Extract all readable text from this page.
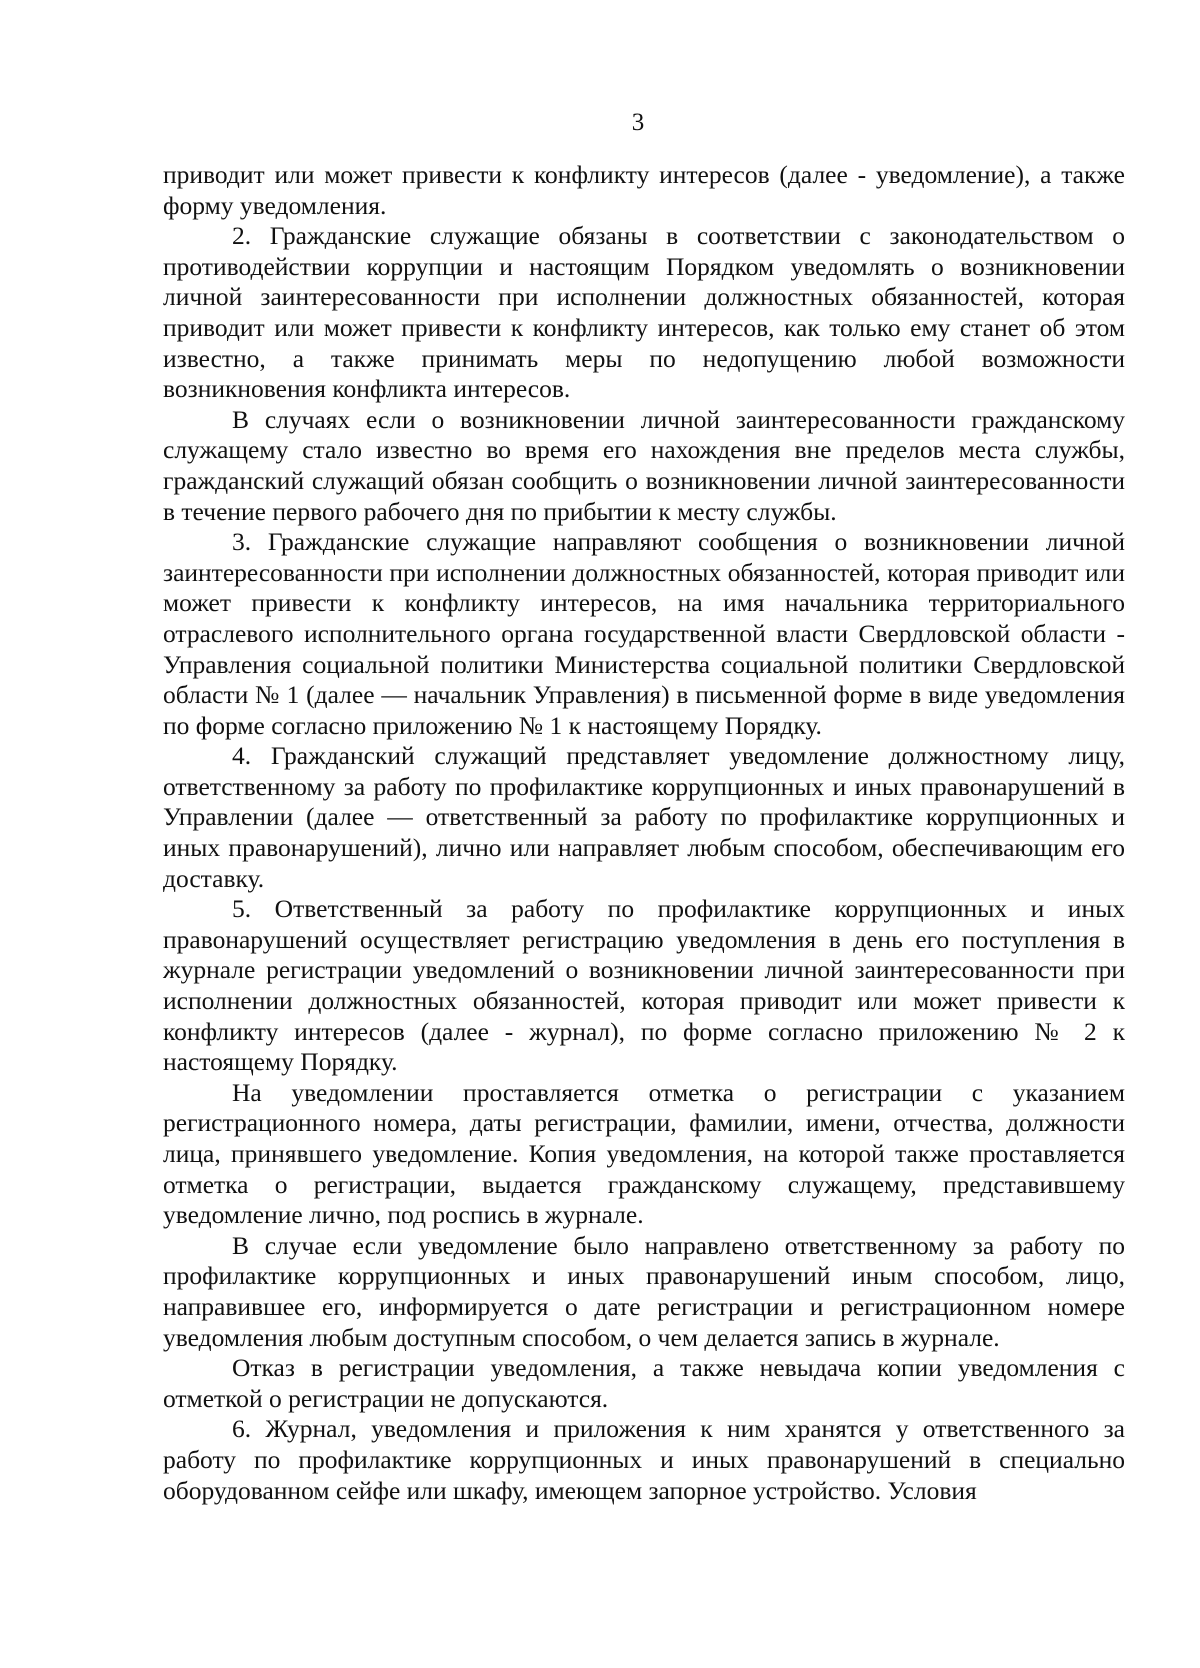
3

приводит или может привести к конфликту интересов (далее - уведомление), а также форму уведомления.

2. Гражданские служащие обязаны в соответствии с законодательством о противодействии коррупции и настоящим Порядком уведомлять о возникновении личной заинтересованности при исполнении должностных обязанностей, которая приводит или может привести к конфликту интересов, как только ему станет об этом известно, а также принимать меры по недопущению любой возможности возникновения конфликта интересов.

В случаях если о возникновении личной заинтересованности гражданскому служащему стало известно во время его нахождения вне пределов места службы, гражданский служащий обязан сообщить о возникновении личной заинтересованности в течение первого рабочего дня по прибытии к месту службы.

3. Гражданские служащие направляют сообщения о возникновении личной заинтересованности при исполнении должностных обязанностей, которая приводит или может привести к конфликту интересов, на имя начальника территориального отраслевого исполнительного органа государственной власти Свердловской области - Управления социальной политики Министерства социальной политики Свердловской области № 1 (далее — начальник Управления) в письменной форме в виде уведомления по форме согласно приложению № 1 к настоящему Порядку.

4. Гражданский служащий представляет уведомление должностному лицу, ответственному за работу по профилактике коррупционных и иных правонарушений в Управлении (далее — ответственный за работу по профилактике коррупционных и иных правонарушений), лично или направляет любым способом, обеспечивающим его доставку.

5. Ответственный за работу по профилактике коррупционных и иных правонарушений осуществляет регистрацию уведомления в день его поступления в журнале регистрации уведомлений о возникновении личной заинтересованности при исполнении должностных обязанностей, которая приводит или может привести к конфликту интересов (далее - журнал), по форме согласно приложению № 2 к настоящему Порядку.

На уведомлении проставляется отметка о регистрации с указанием регистрационного номера, даты регистрации, фамилии, имени, отчества, должности лица, принявшего уведомление. Копия уведомления, на которой также проставляется отметка о регистрации, выдается гражданскому служащему, представившему уведомление лично, под роспись в журнале.

В случае если уведомление было направлено ответственному за работу по профилактике коррупционных и иных правонарушений иным способом, лицо, направившее его, информируется о дате регистрации и регистрационном номере уведомления любым доступным способом, о чем делается запись в журнале.

Отказ в регистрации уведомления, а также невыдача копии уведомления с отметкой о регистрации не допускаются.

6. Журнал, уведомления и приложения к ним хранятся у ответственного за работу по профилактике коррупционных и иных правонарушений в специально оборудованном сейфе или шкафу, имеющем запорное устройство. Условия
